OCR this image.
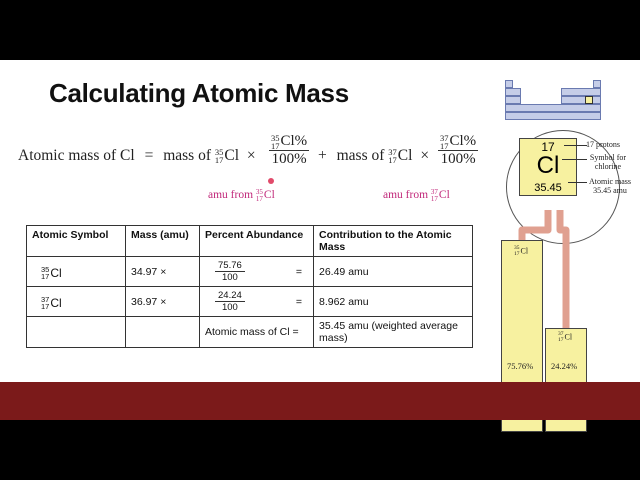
Calculating Atomic Mass
Atomic mass of Cl = mass of 35
17 Cl × 35
17 Cl%
100% + mass of 37
17 Cl × 37
17 Cl%
100%
amu from 35
17 Cl	amu from 37
17 Cl
Atomic Symbol	Mass (amu)	Percent Abundance	Contribution to the Atomic Mass

35
17 Cl	34.97 ×	$\frac{75.76}{100}$ =	26.49 amu

37
17 Cl	36.97 ×	$\frac{24.24}{100}$ =	8.962 amu
		Atomic mass of Cl =	35.45 amu (weighted average mass)
17
Cl
35.45
17 protons
Symbol for chlorine
Atomic mass 35.45 amu
35
17 Cl
37
17 Cl
75.76% 24.24%
